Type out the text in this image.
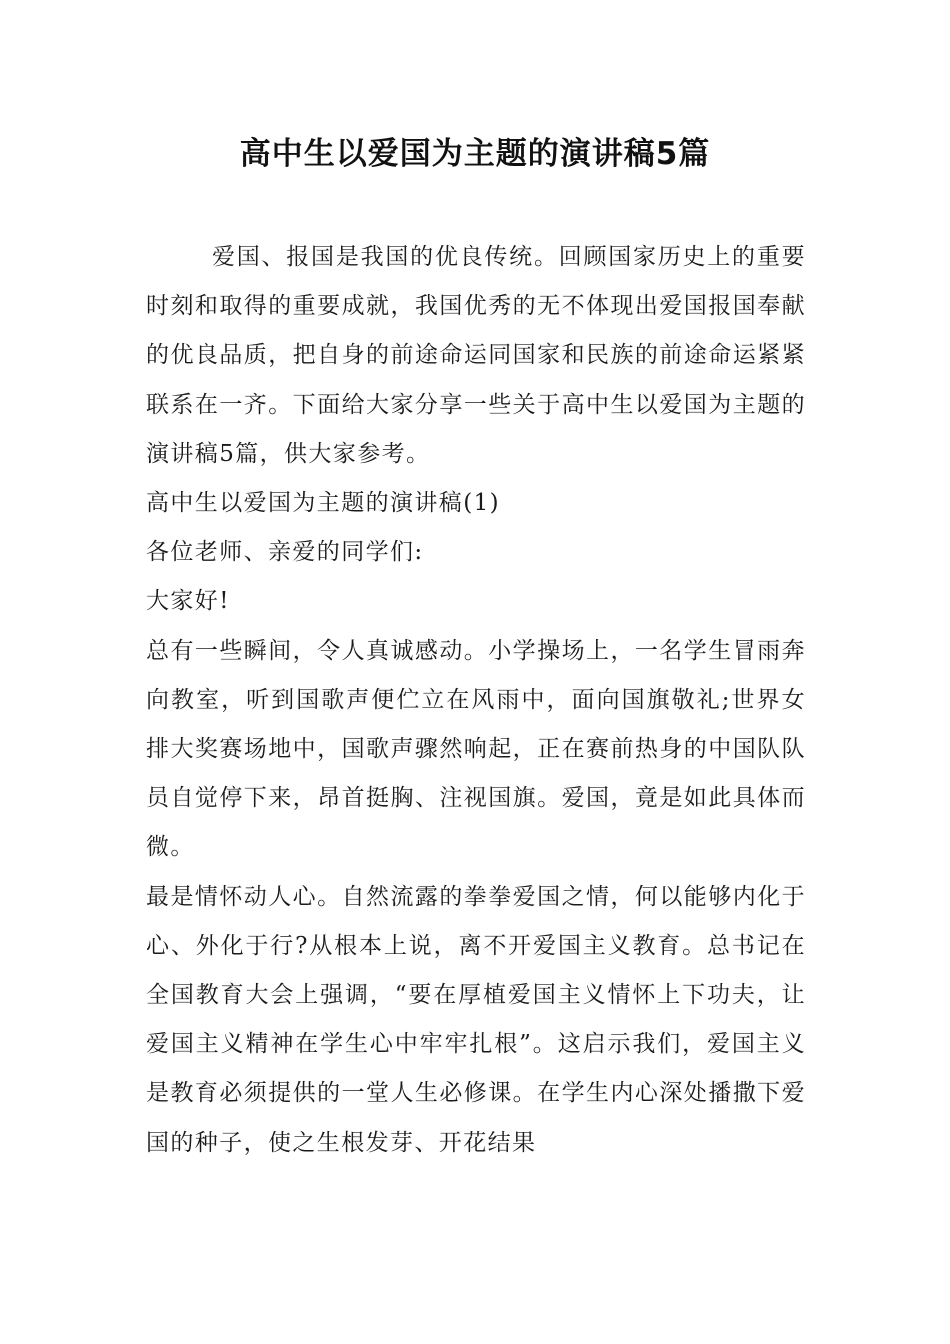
高中生以爱国为主题的演讲稿5篇

爱国、报国是我国的优良传统。回顾国家历史上的重要时刻和取得的重要成就，我国优秀的无不体现出爱国报国奉献的优良品质，把自身的前途命运同国家和民族的前途命运紧紧联系在一齐。下面给大家分享一些关于高中生以爱国为主题的演讲稿5篇，供大家参考。

高中生以爱国为主题的演讲稿(1)

各位老师、亲爱的同学们:

大家好!

总有一些瞬间，令人真诚感动。小学操场上，一名学生冒雨奔向教室，听到国歌声便伫立在风雨中，面向国旗敬礼;世界女排大奖赛场地中，国歌声骤然响起，正在赛前热身的中国队队员自觉停下来，昂首挺胸、注视国旗。爱国，竟是如此具体而微。

最是情怀动人心。自然流露的拳拳爱国之情，何以能够内化于心、外化于行?从根本上说，离不开爱国主义教育。总书记在全国教育大会上强调，“要在厚植爱国主义情怀上下功夫，让爱国主义精神在学生心中牢牢扎根”。这启示我们，爱国主义是教育必须提供的一堂人生必修课。在学生内心深处播撒下爱国的种子，使之生根发芽、开花结果
